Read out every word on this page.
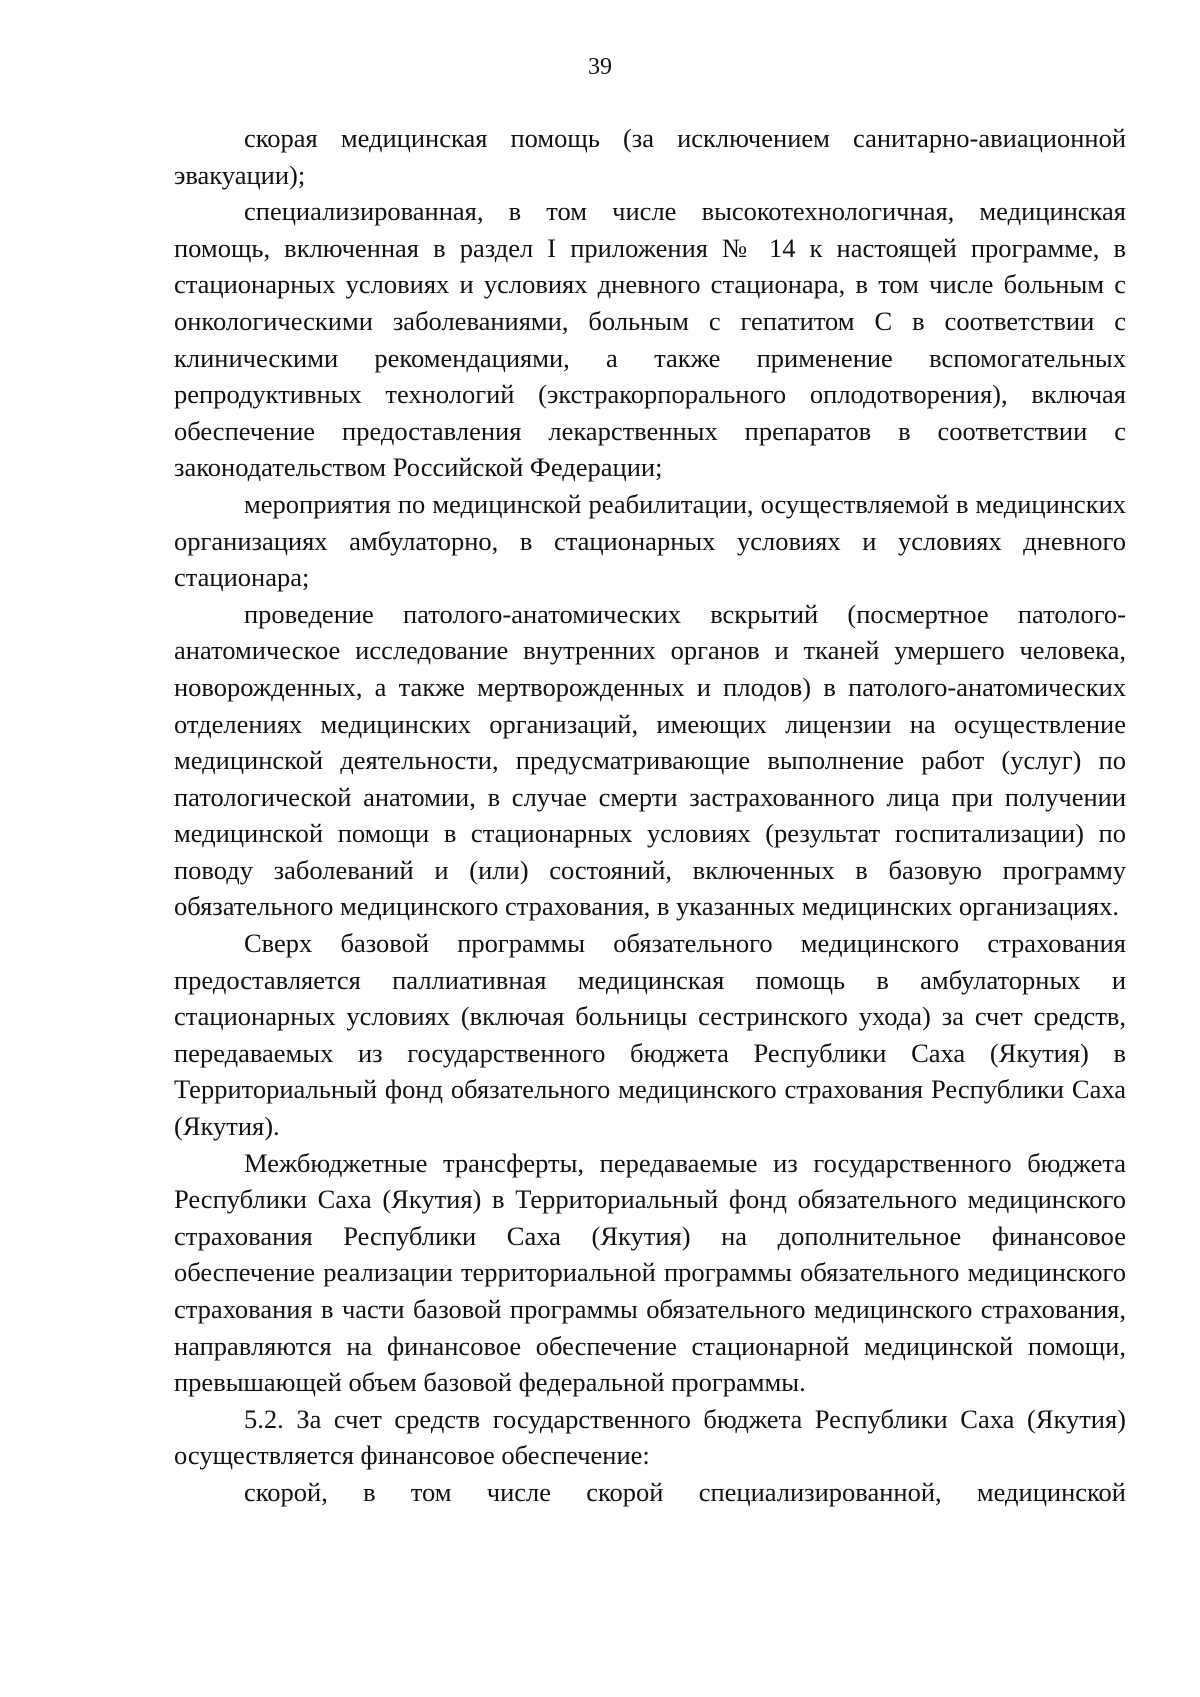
39

скорая медицинская помощь (за исключением санитарно-авиационной эвакуации);

специализированная, в том числе высокотехнологичная, медицинская помощь, включенная в раздел I приложения № 14 к настоящей программе, в стационарных условиях и условиях дневного стационара, в том числе больным с онкологическими заболеваниями, больным с гепатитом C в соответствии с клиническими рекомендациями, а также применение вспомогательных репродуктивных технологий (экстракорпорального оплодотворения), включая обеспечение предоставления лекарственных препаратов в соответствии с законодательством Российской Федерации;

мероприятия по медицинской реабилитации, осуществляемой в медицинских организациях амбулаторно, в стационарных условиях и условиях дневного стационара;

проведение патолого-анатомических вскрытий (посмертное патолого-анатомическое исследование внутренних органов и тканей умершего человека, новорожденных, а также мертворожденных и плодов) в патолого-анатомических отделениях медицинских организаций, имеющих лицензии на осуществление медицинской деятельности, предусматривающие выполнение работ (услуг) по патологической анатомии, в случае смерти застрахованного лица при получении медицинской помощи в стационарных условиях (результат госпитализации) по поводу заболеваний и (или) состояний, включенных в базовую программу обязательного медицинского страхования, в указанных медицинских организациях.

Сверх базовой программы обязательного медицинского страхования предоставляется паллиативная медицинская помощь в амбулаторных и стационарных условиях (включая больницы сестринского ухода) за счет средств, передаваемых из государственного бюджета Республики Саха (Якутия) в Территориальный фонд обязательного медицинского страхования Республики Саха (Якутия).

Межбюджетные трансферты, передаваемые из государственного бюджета Республики Саха (Якутия) в Территориальный фонд обязательного медицинского страхования Республики Саха (Якутия) на дополнительное финансовое обеспечение реализации территориальной программы обязательного медицинского страхования в части базовой программы обязательного медицинского страхования, направляются на финансовое обеспечение стационарной медицинской помощи, превышающей объем базовой федеральной программы.

5.2. За счет средств государственного бюджета Республики Саха (Якутия) осуществляется финансовое обеспечение:

скорой, в том числе скорой специализированной, медицинской
